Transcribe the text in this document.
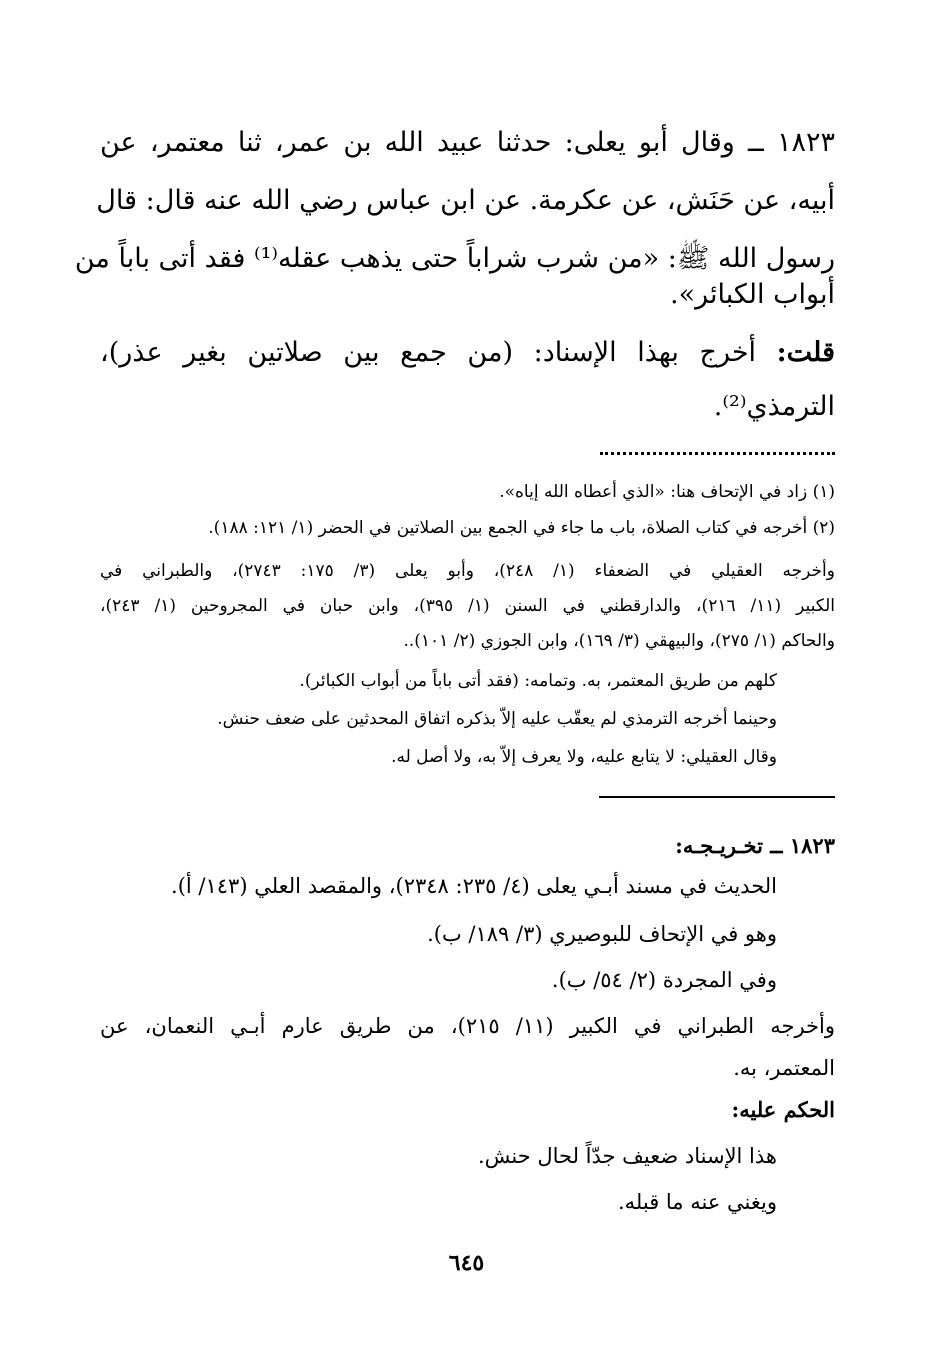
١٨٢٣ ــ وقال أبو يعلى: حدثنا عبيد الله بن عمر، ثنا معتمر، عن

أبيه، عن حَنَش، عن عكرمة. عن ابن عباس رضي الله عنه قال: قال

رسول الله ﷺ: «من شرب شراباً حتى يذهب عقله⁽¹⁾ فقد أتى باباً من

أبواب الكبائر».

قلت: أخرج بهذا الإسناد: (من جمع بين صلاتين بغير عذر)،

الترمذي⁽²⁾.

(١) زاد في الإتحاف هنا: «الذي أعطاه الله إياه».

(٢) أخرجه في كتاب الصلاة، باب ما جاء في الجمع بين الصلاتين في الحضر (١/ ١٢١: ١٨٨).

وأخرجه العقيلي في الضعفاء (١/ ٢٤٨)، وأبو يعلى (٣/ ١٧٥: ٢٧٤٣)، والطبراني في

الكبير (١١/ ٢١٦)، والدارقطني في السنن (١/ ٣٩٥)، وابن حبان في المجروحين (١/ ٢٤٣)،

والحاكم (١/ ٢٧٥)، والبيهقي (٣/ ١٦٩)، وابن الجوزي (٢/ ١٠١)..

كلهم من طريق المعتمر، به. وتمامه: (فقد أتى باباً من أبواب الكبائر).

وحينما أخرجه الترمذي لم يعقّب عليه إلاّ بذكره اتفاق المحدثين على ضعف حنش.

وقال العقيلي: لا يتابع عليه، ولا يعرف إلاّ به، ولا أصل له.

١٨٢٣ ــ تخـريـجـه:

الحديث في مسند أبـي يعلى (٤/ ٢٣٥: ٢٣٤٨)، والمقصد العلي (١٤٣/ أ).

وهو في الإتحاف للبوصيري (٣/ ١٨٩/ ب).

وفي المجردة (٢/ ٥٤/ ب).

وأخرجه الطبراني في الكبير (١١/ ٢١٥)، من طريق عارم أبـي النعمان، عن

المعتمر، به.

الحكم عليه:

هذا الإسناد ضعيف جدّاً لحال حنش.

ويغني عنه ما قبله.

٦٤٥
